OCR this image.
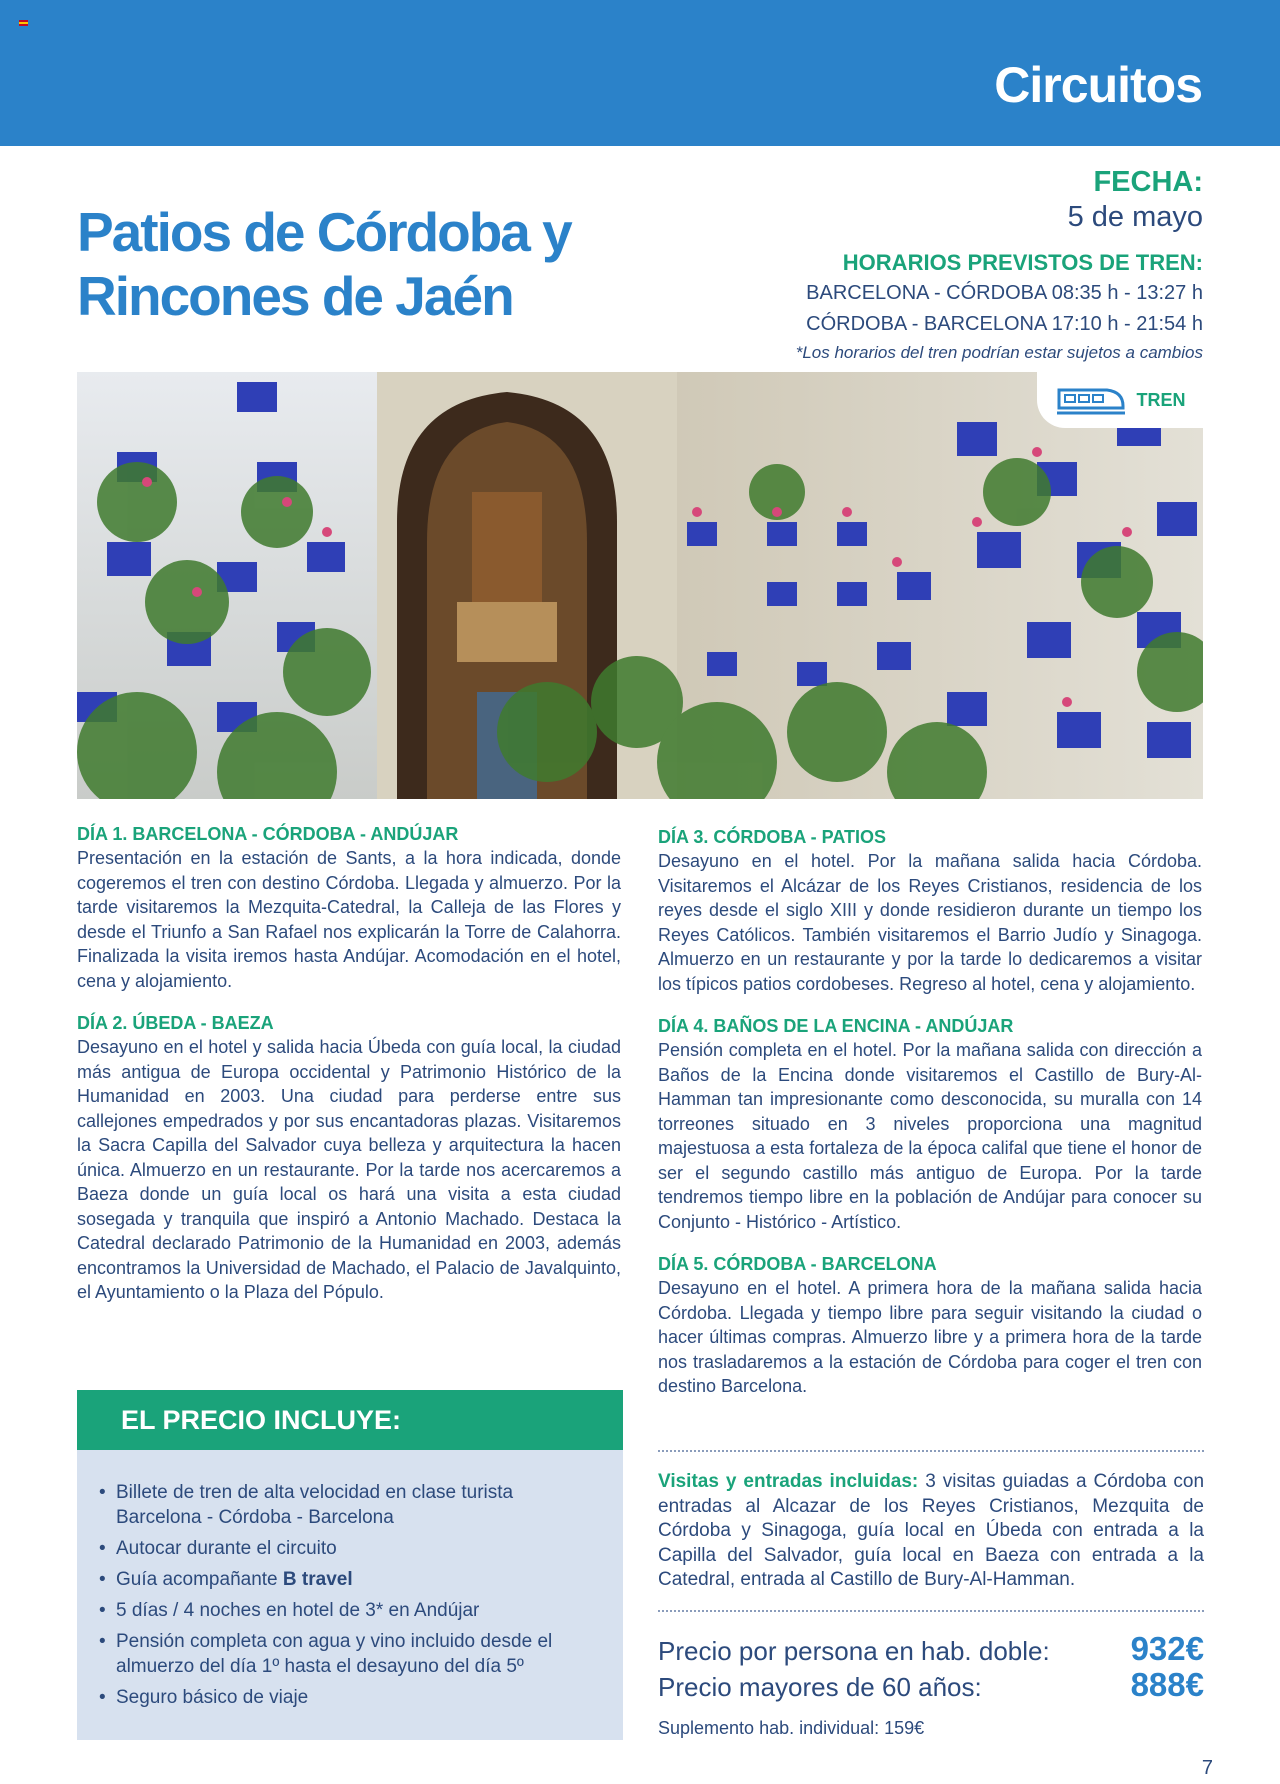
Circuitos
Patios de Córdoba y
Rincones de Jaén
FECHA:
5 de mayo
HORARIOS PREVISTOS DE TREN:
BARCELONA - CÓRDOBA 08:35 h - 13:27 h
CÓRDOBA - BARCELONA 17:10 h - 21:54 h
*Los horarios del tren podrían estar sujetos a cambios
TREN
DÍA 1. BARCELONA - CÓRDOBA - ANDÚJAR
Presentación en la estación de Sants, a la hora indicada, donde cogeremos el tren con destino Córdoba. Llegada y almuerzo. Por la tarde visitaremos la Mezquita-Catedral, la Calleja de las Flores y desde el Triunfo a San Rafael nos explicarán la Torre de Calahorra. Finalizada la visita iremos hasta Andújar. Acomodación en el hotel, cena y alojamiento.
DÍA 2. ÚBEDA - BAEZA
Desayuno en el hotel y salida hacia Úbeda con guía local, la ciudad más antigua de Europa occidental y Patrimonio Histórico de la Humanidad en 2003. Una ciudad para perderse entre sus callejones empedrados y por sus encantadoras plazas. Visitaremos la Sacra Capilla del Salvador cuya belleza y arquitectura la hacen única. Almuerzo en un restaurante. Por la tarde nos acercaremos a Baeza donde un guía local os hará una visita a esta ciudad sosegada y tranquila que inspiró a Antonio Machado. Destaca la Catedral declarado Patrimonio de la Humanidad en 2003, además encontramos la Universidad de Machado, el Palacio de Javalquinto, el Ayuntamiento o la Plaza del Pópulo.
DÍA 3. CÓRDOBA - PATIOS
Desayuno en el hotel. Por la mañana salida hacia Córdoba. Visitaremos el Alcázar de los Reyes Cristianos, residencia de los reyes desde el siglo XIII y donde residieron durante un tiempo los Reyes Católicos. También visitaremos el Barrio Judío y Sinagoga. Almuerzo en un restaurante y por la tarde lo dedicaremos a visitar los típicos patios cordobeses. Regreso al hotel, cena y alojamiento.
DÍA 4. BAÑOS DE LA ENCINA - ANDÚJAR
Pensión completa en el hotel. Por la mañana salida con dirección a Baños de la Encina donde visitaremos el Castillo de Bury-Al-Hamman tan impresionante como desconocida, su muralla con 14 torreones situado en 3 niveles proporciona una magnitud majestuosa a esta fortaleza de la época califal que tiene el honor de ser el segundo castillo más antiguo de Europa. Por la tarde tendremos tiempo libre en la población de Andújar para conocer su Conjunto - Histórico - Artístico.
DÍA 5. CÓRDOBA - BARCELONA
Desayuno en el hotel. A primera hora de la mañana salida hacia Córdoba. Llegada y tiempo libre para seguir visitando la ciudad o hacer últimas compras. Almuerzo libre y a primera hora de la tarde nos trasladaremos a la estación de Córdoba para coger el tren con destino Barcelona.
EL PRECIO INCLUYE:
• Billete de tren de alta velocidad en clase turista Barcelona - Córdoba - Barcelona
• Autocar durante el circuito
• Guía acompañante B travel
• 5 días / 4 noches en hotel de 3* en Andújar
• Pensión completa con agua y vino incluido desde el almuerzo del día 1º hasta el desayuno del día 5º
• Seguro básico de viaje
Visitas y entradas incluidas: 3 visitas guiadas a Córdoba con entradas al Alcazar de los Reyes Cristianos, Mezquita de Córdoba y Sinagoga, guía local en Úbeda con entrada a la Capilla del Salvador, guía local en Baeza con entrada a la Catedral, entrada al Castillo de Bury-Al-Hamman.
Precio por persona en hab. doble: 932€
Precio mayores de 60 años:	888€
Suplemento hab. individual: 159€
7
